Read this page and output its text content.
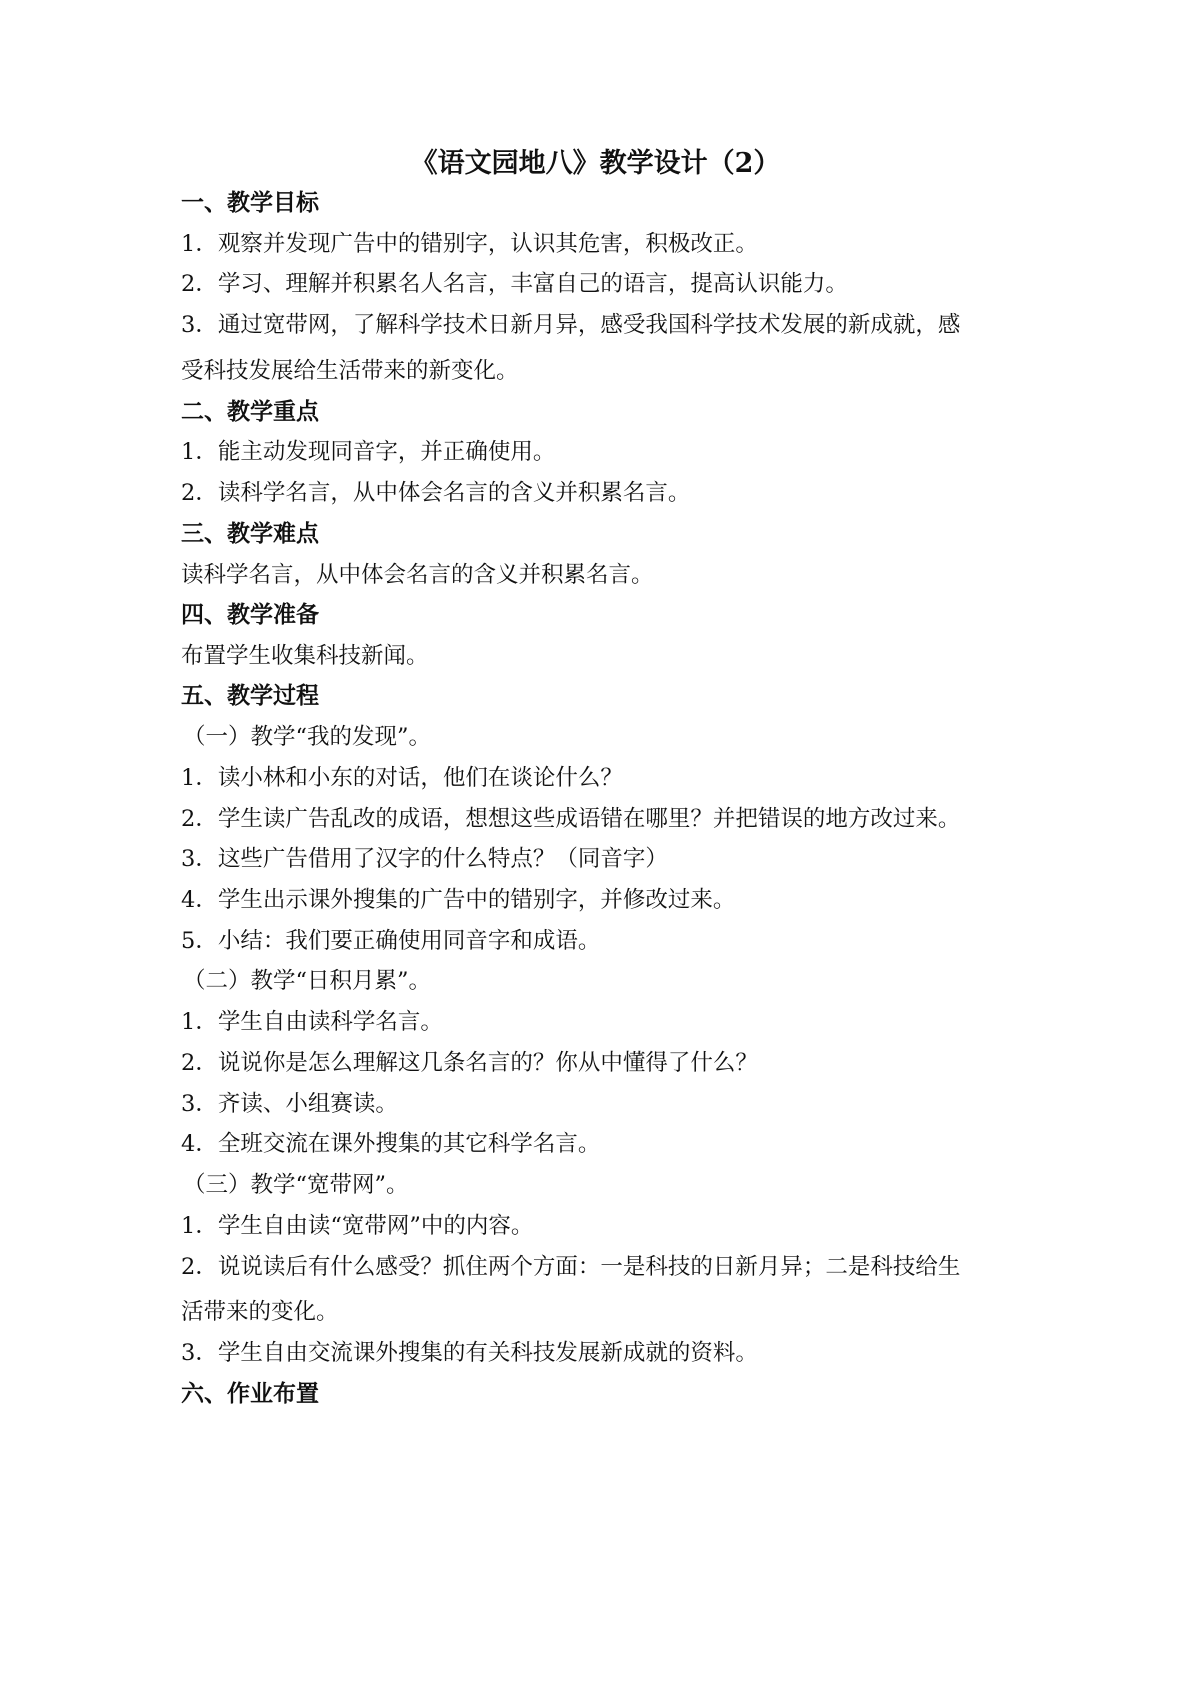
《语文园地八》教学设计（2）
一、教学目标
1．观察并发现广告中的错别字，认识其危害，积极改正。
2．学习、理解并积累名人名言，丰富自己的语言，提高认识能力。
3．通过宽带网，了解科学技术日新月异，感受我国科学技术发展的新成就，感
受科技发展给生活带来的新变化。
二、教学重点
1．能主动发现同音字，并正确使用。
2．读科学名言，从中体会名言的含义并积累名言。
三、教学难点
读科学名言，从中体会名言的含义并积累名言。
四、教学准备
布置学生收集科技新闻。
五、教学过程
（一）教学“我的发现”。
1．读小林和小东的对话，他们在谈论什么？
2．学生读广告乱改的成语，想想这些成语错在哪里？并把错误的地方改过来。
3．这些广告借用了汉字的什么特点？（同音字）
4．学生出示课外搜集的广告中的错别字，并修改过来。
5．小结：我们要正确使用同音字和成语。
（二）教学“日积月累”。
1．学生自由读科学名言。
2．说说你是怎么理解这几条名言的？你从中懂得了什么？
3．齐读、小组赛读。
4．全班交流在课外搜集的其它科学名言。
（三）教学“宽带网”。
1．学生自由读“宽带网”中的内容。
2．说说读后有什么感受？抓住两个方面：一是科技的日新月异；二是科技给生
活带来的变化。
3．学生自由交流课外搜集的有关科技发展新成就的资料。
六、作业布置
